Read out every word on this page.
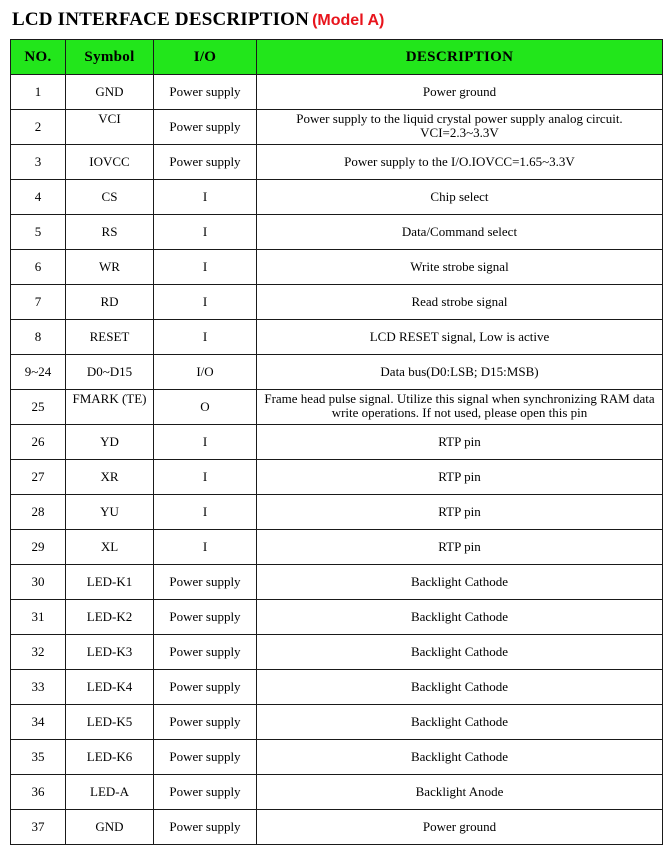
LCD INTERFACE DESCRIPTION (Model A)
NO.	Symbol	I/O	DESCRIPTION
1	GND	Power supply	Power ground
2	VCI	Power supply	Power supply to the liquid crystal power supply analog circuit. VCI=2.3~3.3V

3	IOVCC	Power supply	Power supply to the I/O.IOVCC=1.65~3.3V
4	CS	I	Chip select
5	RS	I	Data/Command select
6	WR	I	Write strobe signal
7	RD	I	Read strobe signal
8	RESET	I	LCD RESET signal, Low is active
9~24	D0~D15	I/O	Data bus(D0:LSB; D15:MSB)
25	FMARK (TE)	O	Frame head pulse signal. Utilize this signal when synchronizing RAM data write operations. If not used, please open this pin

26	YD	I	RTP pin
27	XR	I	RTP pin
28	YU	I	RTP pin
29	XL	I	RTP pin
30	LED-K1	Power supply	Backlight Cathode
31	LED-K2	Power supply	Backlight Cathode
32	LED-K3	Power supply	Backlight Cathode
33	LED-K4	Power supply	Backlight Cathode
34	LED-K5	Power supply	Backlight Cathode
35	LED-K6	Power supply	Backlight Cathode
36	LED-A	Power supply	Backlight Anode
37	GND	Power supply	Power ground
